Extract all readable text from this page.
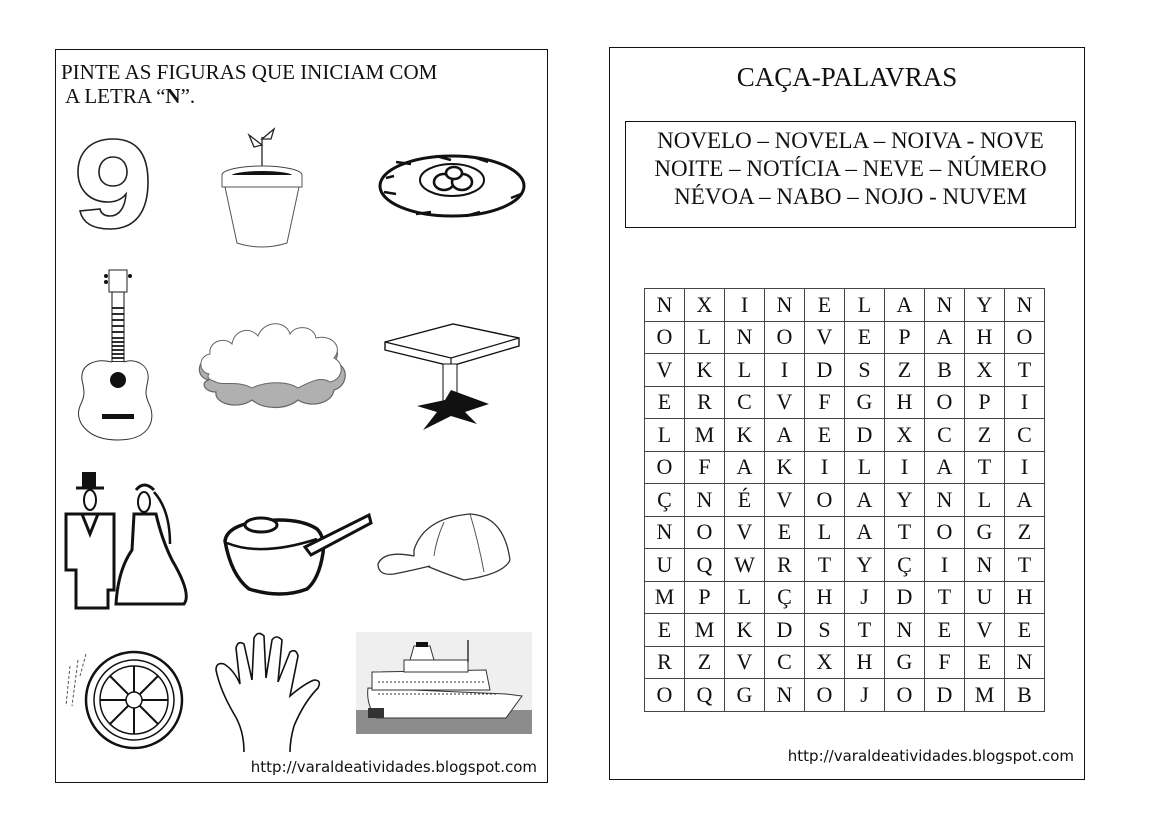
PINTE AS FIGURAS QUE INICIAM COM
A LETRA “N”.
http://varaldeatividades.blogspot.com
CAÇA-PALAVRAS
NOVELO – NOVELA – NOIVA - NOVE
NOITE – NOTÍCIA – NEVE – NÚMERO
NÉVOA – NABO – NOJO - NUVEM
N	X	I	N	E	L	A	N	Y	N
O	L	N	O	V	E	P	A	H	O
V	K	L	I	D	S	Z	B	X	T
E	R	C	V	F	G	H	O	P	I
L	M	K	A	E	D	X	C	Z	C
O	F	A	K	I	L	I	A	T	I
Ç	N	É	V	O	A	Y	N	L	A
N	O	V	E	L	A	T	O	G	Z
U	Q	W	R	T	Y	Ç	I	N	T
M	P	L	Ç	H	J	D	T	U	H
E	M	K	D	S	T	N	E	V	E
R	Z	V	C	X	H	G	F	E	N
O	Q	G	N	O	J	O	D	M	B
http://varaldeatividades.blogspot.com
